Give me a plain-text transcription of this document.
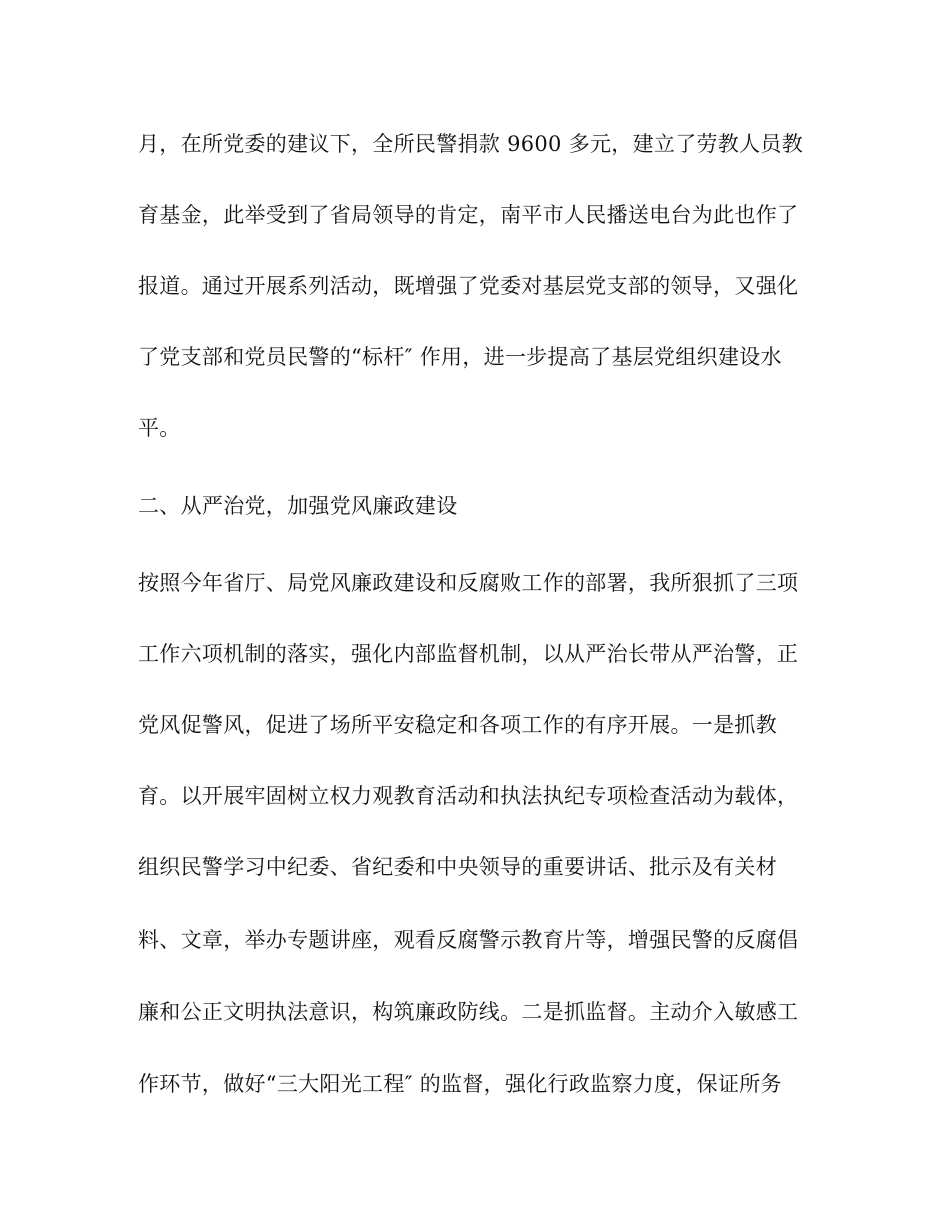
月，在所党委的建议下，全所民警捐款 9600 多元，建立了劳教人员教
育基金，此举受到了省局领导的肯定，南平市人民播送电台为此也作了
报道。通过开展系列活动，既增强了党委对基层党支部的领导，又强化
了党支部和党员民警的“标杆″ 作用，进一步提高了基层党组织建设水
平。
二、从严治党，加强党风廉政建设
按照今年省厅、局党风廉政建设和反腐败工作的部署，我所狠抓了三项
工作六项机制的落实，强化内部监督机制，以从严治长带从严治警，正
党风促警风，促进了场所平安稳定和各项工作的有序开展。一是抓教
育。以开展牢固树立权力观教育活动和执法执纪专项检查活动为载体，
组织民警学习中纪委、省纪委和中央领导的重要讲话、批示及有关材
料、文章，举办专题讲座，观看反腐警示教育片等，增强民警的反腐倡
廉和公正文明执法意识，构筑廉政防线。二是抓监督。主动介入敏感工
作环节，做好“三大阳光工程″ 的监督，强化行政监察力度，保证所务
